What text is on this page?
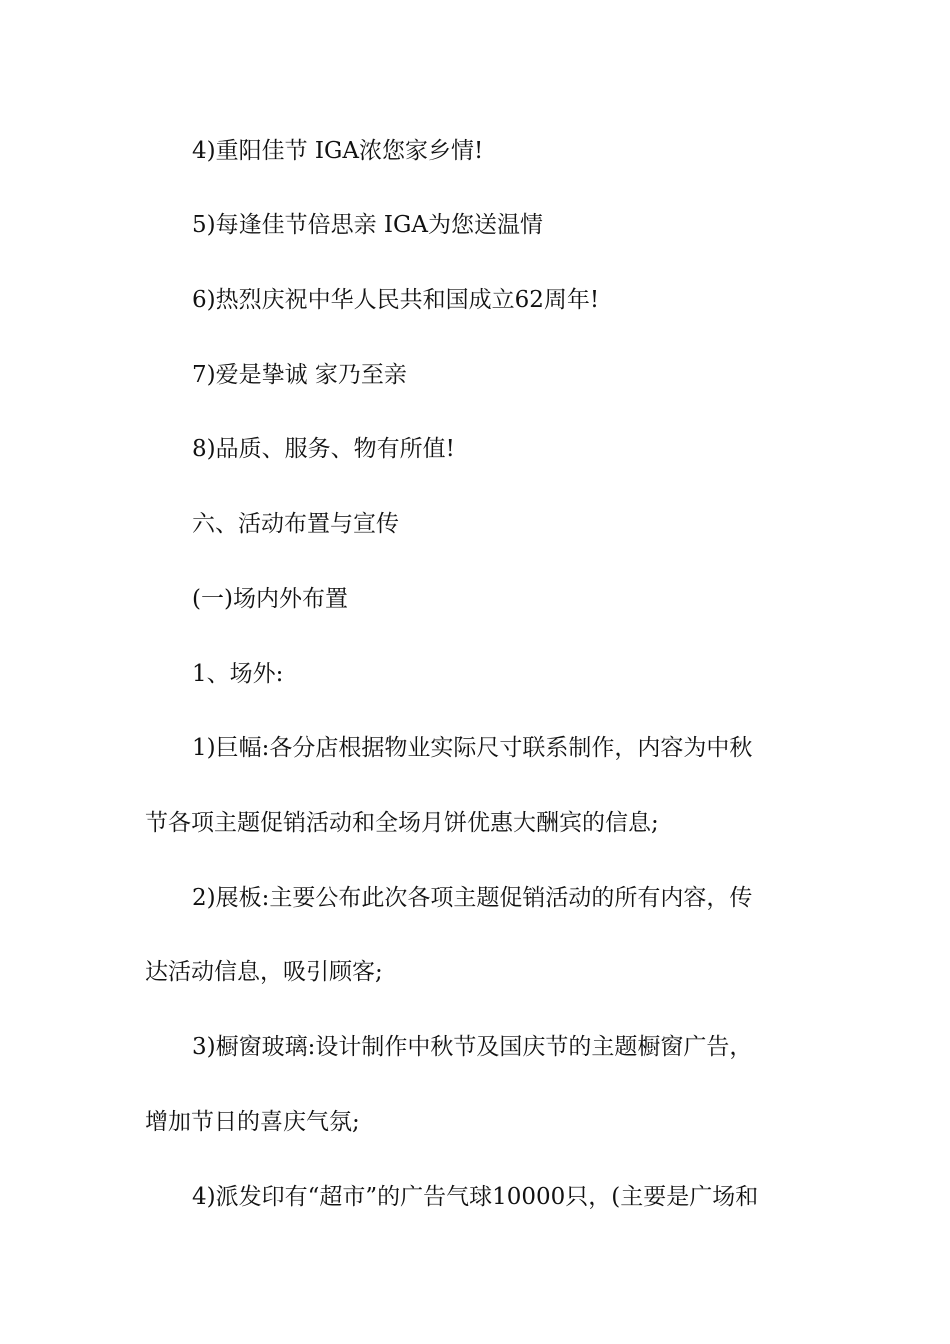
4)重阳佳节 IGA浓您家乡情!
5)每逢佳节倍思亲 IGA为您送温情
6)热烈庆祝中华人民共和国成立62周年!
7)爱是挚诚 家乃至亲
8)品质、服务、物有所值!
六、活动布置与宣传
(一)场内外布置
1、场外:
1)巨幅:各分店根据物业实际尺寸联系制作，内容为中秋
节各项主题促销活动和全场月饼优惠大酬宾的信息;
2)展板:主要公布此次各项主题促销活动的所有内容，传
达活动信息，吸引顾客;
3)橱窗玻璃:设计制作中秋节及国庆节的主题橱窗广告，
增加节日的喜庆气氛;
4)派发印有“超市”的广告气球10000只，(主要是广场和
